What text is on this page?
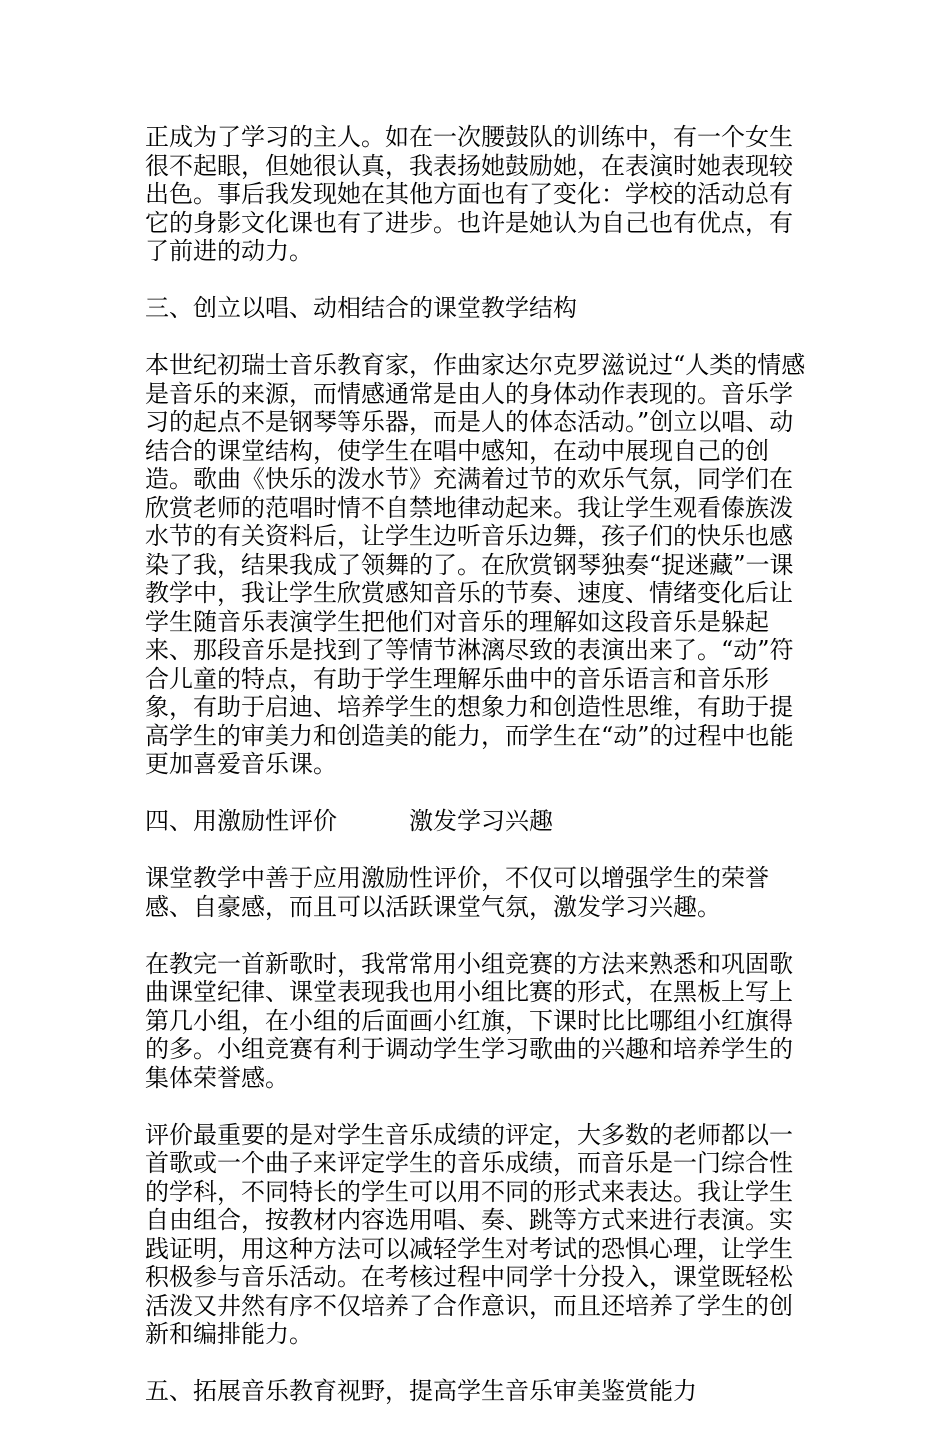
正成为了学习的主人。如在一次腰鼓队的训练中，有一个女生很不起眼，但她很认真，我表扬她鼓励她，在表演时她表现较出色。事后我发现她在其他方面也有了变化：学校的活动总有它的身影文化课也有了进步。也许是她认为自己也有优点，有了前进的动力。

三、创立以唱、动相结合的课堂教学结构

本世纪初瑞士音乐教育家，作曲家达尔克罗滋说过“人类的情感是音乐的来源，而情感通常是由人的身体动作表现的。音乐学习的起点不是钢琴等乐器，而是人的体态活动。”创立以唱、动结合的课堂结构，使学生在唱中感知，在动中展现自己的创造。歌曲《快乐的泼水节》充满着过节的欢乐气氛，同学们在欣赏老师的范唱时情不自禁地律动起来。我让学生观看傣族泼水节的有关资料后，让学生边听音乐边舞，孩子们的快乐也感染了我，结果我成了领舞的了。在欣赏钢琴独奏“捉迷藏”一课教学中，我让学生欣赏感知音乐的节奏、速度、情绪变化后让学生随音乐表演学生把他们对音乐的理解如这段音乐是躲起来、那段音乐是找到了等情节淋漓尽致的表演出来了。“动”符合儿童的特点，有助于学生理解乐曲中的音乐语言和音乐形象，有助于启迪、培养学生的想象力和创造性思维，有助于提高学生的审美力和创造美的能力，而学生在“动”的过程中也能更加喜爱音乐课。

四、用激励性评价	激发学习兴趣

课堂教学中善于应用激励性评价，不仅可以增强学生的荣誉感、自豪感，而且可以活跃课堂气氛，激发学习兴趣。

在教完一首新歌时，我常常用小组竞赛的方法来熟悉和巩固歌曲课堂纪律、课堂表现我也用小组比赛的形式，在黑板上写上第几小组，在小组的后面画小红旗，下课时比比哪组小红旗得的多。小组竞赛有利于调动学生学习歌曲的兴趣和培养学生的集体荣誉感。

评价最重要的是对学生音乐成绩的评定，大多数的老师都以一首歌或一个曲子来评定学生的音乐成绩，而音乐是一门综合性的学科，不同特长的学生可以用不同的形式来表达。我让学生自由组合，按教材内容选用唱、奏、跳等方式来进行表演。实践证明，用这种方法可以减轻学生对考试的恐惧心理，让学生积极参与音乐活动。在考核过程中同学十分投入，课堂既轻松活泼又井然有序不仅培养了合作意识，而且还培养了学生的创新和编排能力。

五、拓展音乐教育视野，提高学生音乐审美鉴赏能力
